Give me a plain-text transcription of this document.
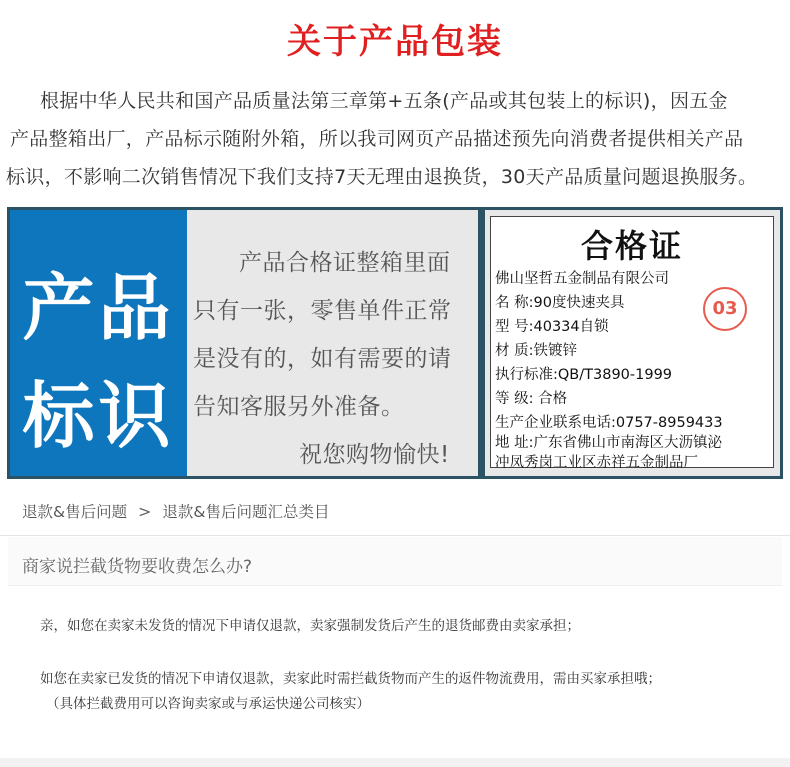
关于产品包装
根据中华人民共和国产品质量法第三章第+五条(产品或其包装上的标识)，因五金
产品整箱出厂，产品标示随附外箱，所以我司网页产品描述预先向消费者提供相关产品
标识，不影响二次销售情况下我们支持7天无理由退换货，30天产品质量问题退换服务。
产品
标识
产品合格证整箱里面
只有一张，零售单件正常
是没有的，如有需要的请
告知客服另外准备。
祝您购物愉快!
合格证
佛山坚哲五金制品有限公司
名 称:90度快速夹具
型 号:40334自锁
材 质:铁镀锌
执行标准:QB/T3890-1999
等 级: 合格
生产企业联系电话:0757-8959433
地 址:广东省佛山市南海区大沥镇泌
冲凤秀岗工业区赤祥五金制品厂
03
退款&售后问题 > 退款&售后问题汇总类目
商家说拦截货物要收费怎么办?
亲，如您在卖家未发货的情况下申请仅退款，卖家强制发货后产生的退货邮费由卖家承担；
如您在卖家已发货的情况下申请仅退款，卖家此时需拦截货物而产生的返件物流费用，需由买家承担哦；
（具体拦截费用可以咨询卖家或与承运快递公司核实）
